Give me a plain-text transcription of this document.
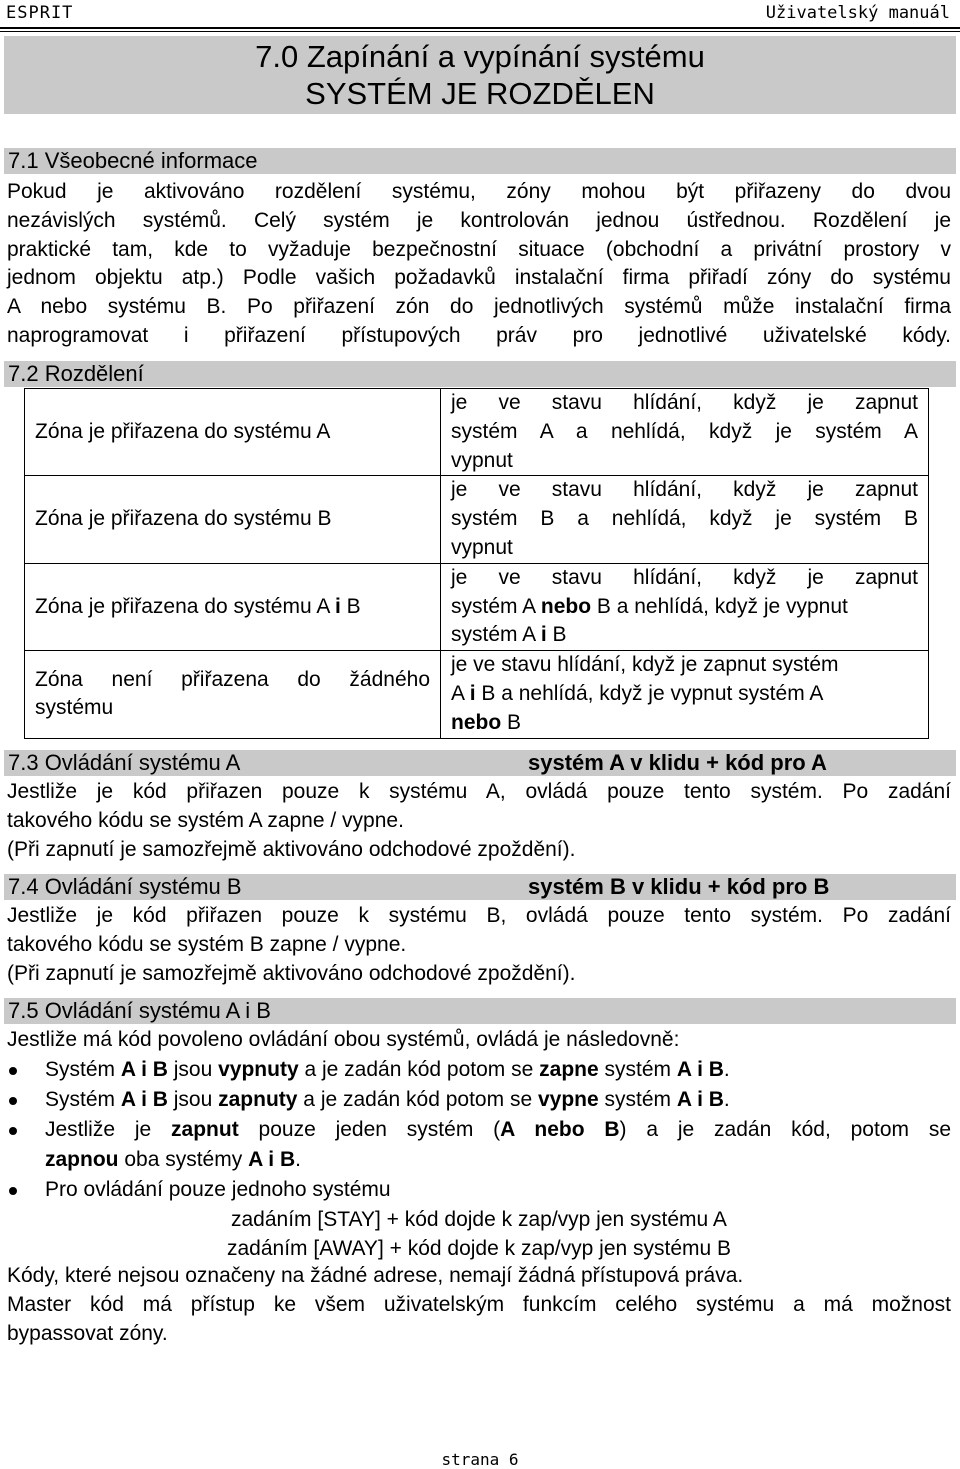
ESPRIT	Uživatelský manuál
7.0 Zapínání a vypínání systému
SYSTÉM JE ROZDĚLEN
7.1 Všeobecné informace
Pokud je aktivováno rozdělení systému, zóny mohou být přiřazeny do dvou
nezávislých systémů. Celý systém je kontrolován jednou ústřednou. Rozdělení je
praktické tam, kde to vyžaduje bezpečnostní situace (obchodní a privátní prostory v
jednom objektu atp.) Podle vašich požadavků instalační firma přiřadí zóny do systému
A nebo systému B. Po přiřazení zón do jednotlivých systémů může instalační firma
naprogramovat i přiřazení přístupových práv pro jednotlivé uživatelské kódy.
7.2 Rozdělení
Zóna je přiřazena do systému A	je ve stavu hlídání, když je zapnut
systém A a nehlídá, když je systém A
vypnut

Zóna je přiřazena do systému B	je ve stavu hlídání, když je zapnut
systém B a nehlídá, když je systém B
vypnut

Zóna je přiřazena do systému A i B	je ve stavu hlídání, když je zapnut
systém A nebo B a nehlídá, když je vypnut
systém A i B

Zóna není přiřazena do žádného
systému	je ve stavu hlídání, když je zapnut systém
A i B a nehlídá, když je vypnut systém A
nebo B
7.3 Ovládání systému A	systém A v klidu + kód pro A
Jestliže je kód přiřazen pouze k systému A, ovládá pouze tento systém. Po zadání
takového kódu se systém A zapne / vypne.
(Při zapnutí je samozřejmě aktivováno odchodové zpoždění).
7.4 Ovládání systému B	systém B v klidu + kód pro B
Jestliže je kód přiřazen pouze k systému B, ovládá pouze tento systém. Po zadání
takového kódu se systém B zapne / vypne.
(Při zapnutí je samozřejmě aktivováno odchodové zpoždění).
7.5 Ovládání systému A i B
Jestliže má kód povoleno ovládání obou systémů, ovládá je následovně:
Systém A i B jsou vypnuty a je zadán kód potom se zapne systém A i B.
Systém A i B jsou zapnuty a je zadán kód potom se vypne systém A i B.
Jestliže je zapnut pouze jeden systém (A nebo B) a je zadán kód, potom se
zapnou oba systémy A i B.
Pro ovládání pouze jednoho systému
zadáním [STAY] + kód dojde k zap/vyp jen systému A
zadáním [AWAY] + kód dojde k zap/vyp jen systému B
Kódy, které nejsou označeny na žádné adrese, nemají žádná přístupová práva.
Master kód má přístup ke všem uživatelským funkcím celého systému a má možnost
bypassovat zóny.
strana 6
